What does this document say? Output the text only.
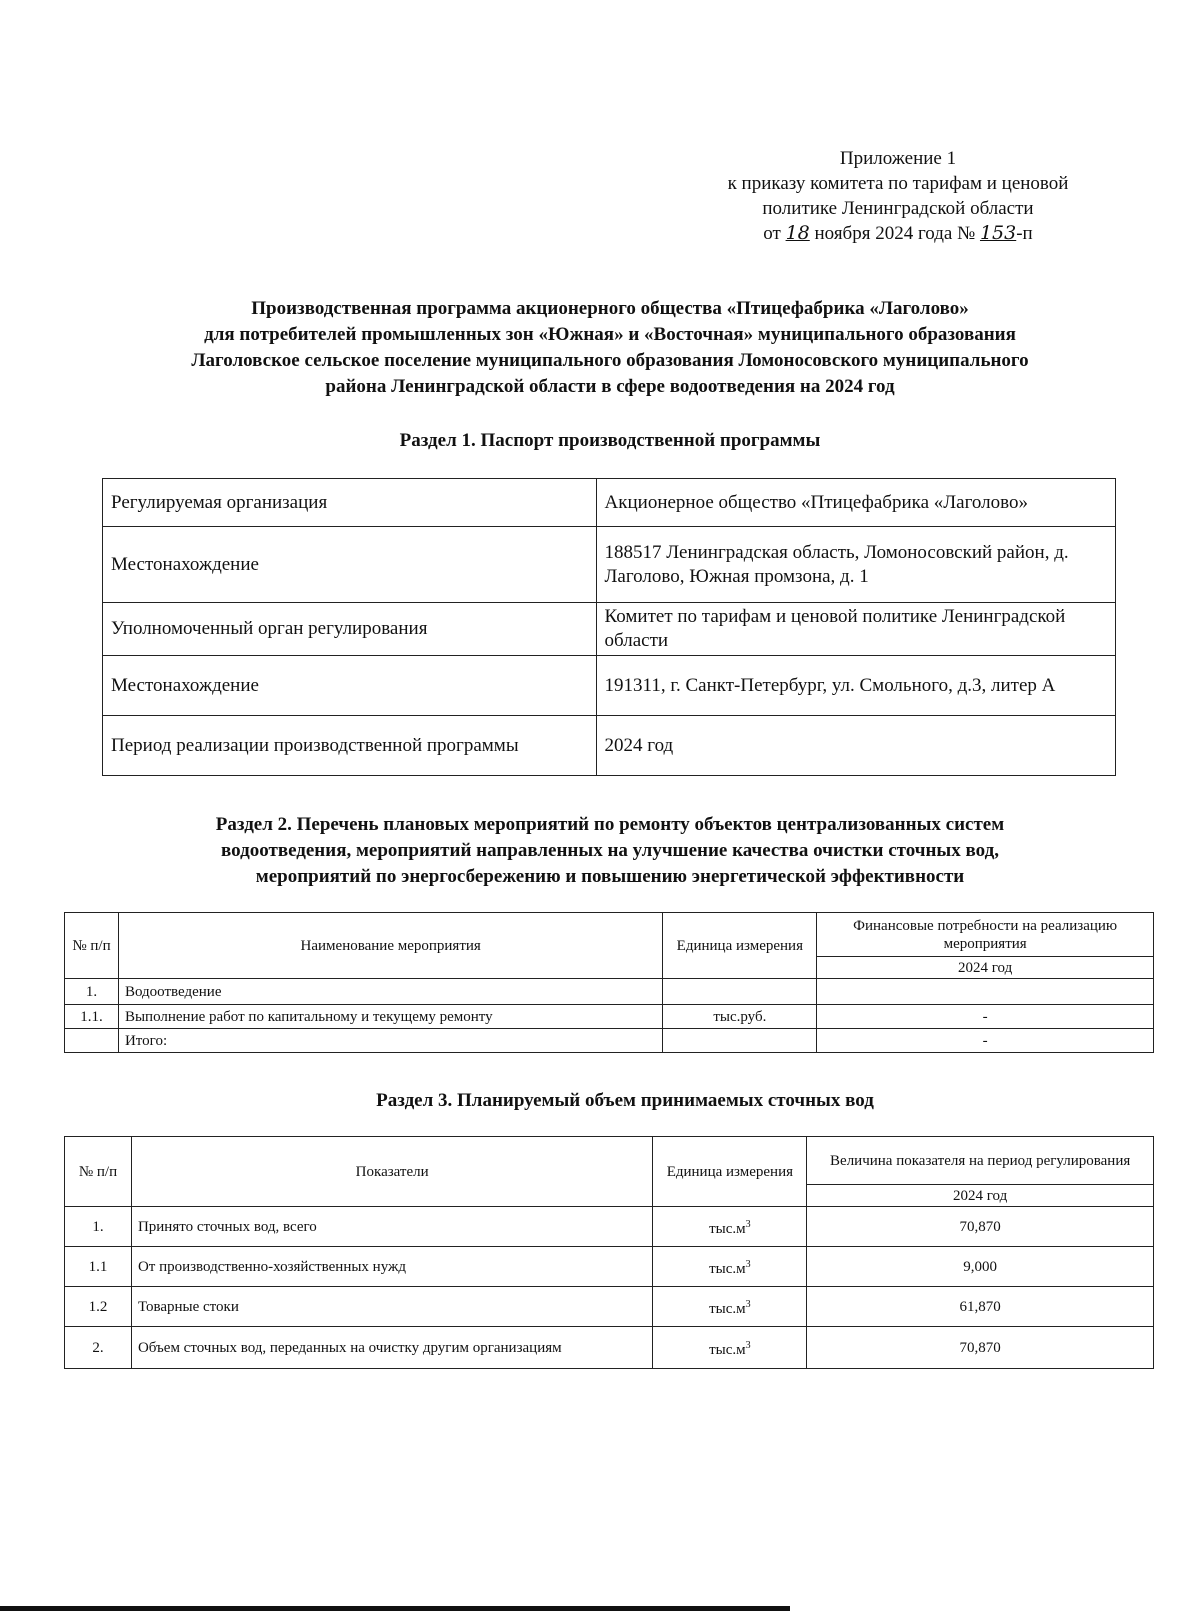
Приложение 1
к приказу комитета по тарифам и ценовой
политике Ленинградской области
от 18 ноября 2024 года № 153-п
Производственная программа акционерного общества «Птицефабрика «Лаголово»
для потребителей промышленных зон «Южная» и «Восточная» муниципального образования
Лаголовское сельское поселение муниципального образования Ломоносовского муниципального
района Ленинградской области в сфере водоотведения на 2024 год
Раздел 1. Паспорт производственной программы
Регулируемая организация	Акционерное общество «Птицефабрика «Лаголово»
Местонахождение	188517 Ленинградская область, Ломоносовский район, д. Лаголово, Южная промзона, д. 1
Уполномоченный орган регулирования	Комитет по тарифам и ценовой политике Ленинградской области
Местонахождение	191311, г. Санкт-Петербург, ул. Смольного, д.3, литер А
Период реализации производственной программы	2024 год
Раздел 2. Перечень плановых мероприятий по ремонту объектов централизованных систем
водоотведения, мероприятий направленных на улучшение качества очистки сточных вод,
мероприятий по энергосбережению и повышению энергетической эффективности
№ п/п	Наименование мероприятия	Единица измерения	Финансовые потребности на реализацию мероприятия
			2024 год
1.	Водоотведение		
1.1.	Выполнение работ по капитальному и текущему ремонту	тыс.руб.	-
	Итого:		-
Раздел 3. Планируемый объем принимаемых сточных вод
№ п/п	Показатели	Единица измерения	Величина показателя на период регулирования
			2024 год
1.	Принято сточных вод, всего	$тыс.м^3$	70,870
1.1	От производственно-хозяйственных нужд	$тыс.м^3$	9,000
1.2	Товарные стоки	$тыс.м^3$	61,870
2.	Объем сточных вод, переданных на очистку другим организациям	$тыс.м^3$	70,870
